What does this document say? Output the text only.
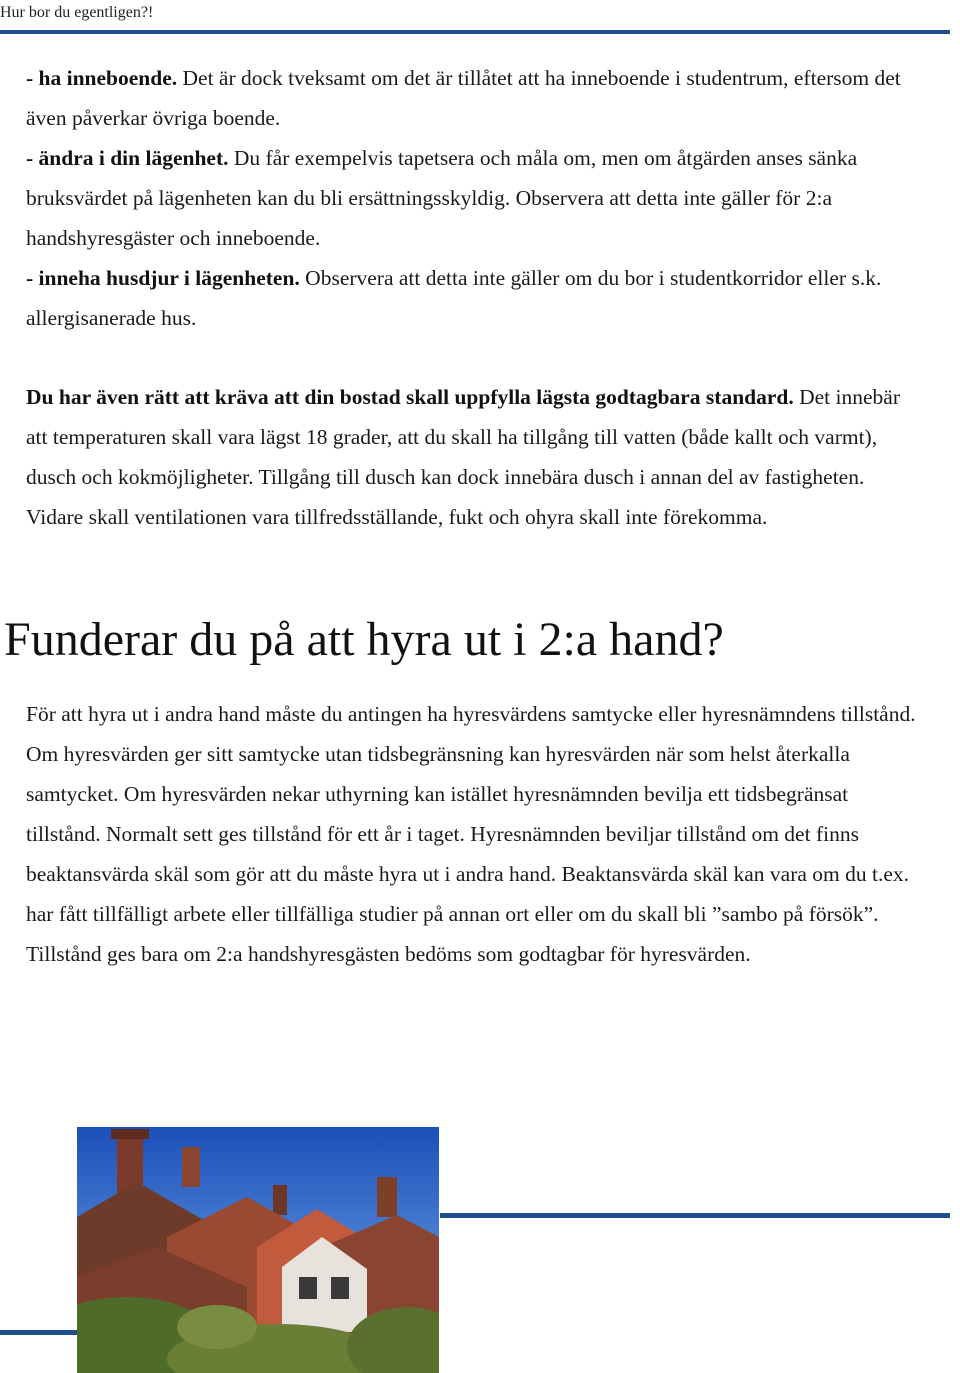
Hur bor du egentligen?!

- ha inneboende. Det är dock tveksamt om det är tillåtet att ha inneboende i studentrum, eftersom det även påverkar övriga boende.
- ändra i din lägenhet. Du får exempelvis tapetsera och måla om, men om åtgärden anses sänka bruksvärdet på lägenheten kan du bli ersättningsskyldig. Observera att detta inte gäller för 2:a handshyresgäster och inneboende.
- inneha husdjur i lägenheten. Observera att detta inte gäller om du bor i studentkorridor eller s.k. allergisanerade hus.

Du har även rätt att kräva att din bostad skall uppfylla lägsta godtagbara standard. Det innebär att temperaturen skall vara lägst 18 grader, att du skall ha tillgång till vatten (både kallt och varmt), dusch och kokmöjligheter. Tillgång till dusch kan dock innebära dusch i annan del av fastigheten. Vidare skall ventilationen vara tillfredsställande, fukt och ohyra skall inte förekomma.

Funderar du på att hyra ut i 2:a hand?

För att hyra ut i andra hand måste du antingen ha hyresvärdens samtycke eller hyresnämndens tillstånd. Om hyresvärden ger sitt samtycke utan tidsbegränsning kan hyresvärden när som helst återkalla samtycket. Om hyresvärden nekar uthyrning kan istället hyresnämnden bevilja ett tidsbegränsat tillstånd. Normalt sett ges tillstånd för ett år i taget. Hyresnämnden beviljar tillstånd om det finns beaktansvärda skäl som gör att du måste hyra ut i andra hand. Beaktansvärda skäl kan vara om du t.ex. har fått tillfälligt arbete eller tillfälliga studier på annan ort eller om du skall bli ”sambo på försök”. Tillstånd ges bara om 2:a handshyresgästen bedöms som godtagbar för hyresvärden.
